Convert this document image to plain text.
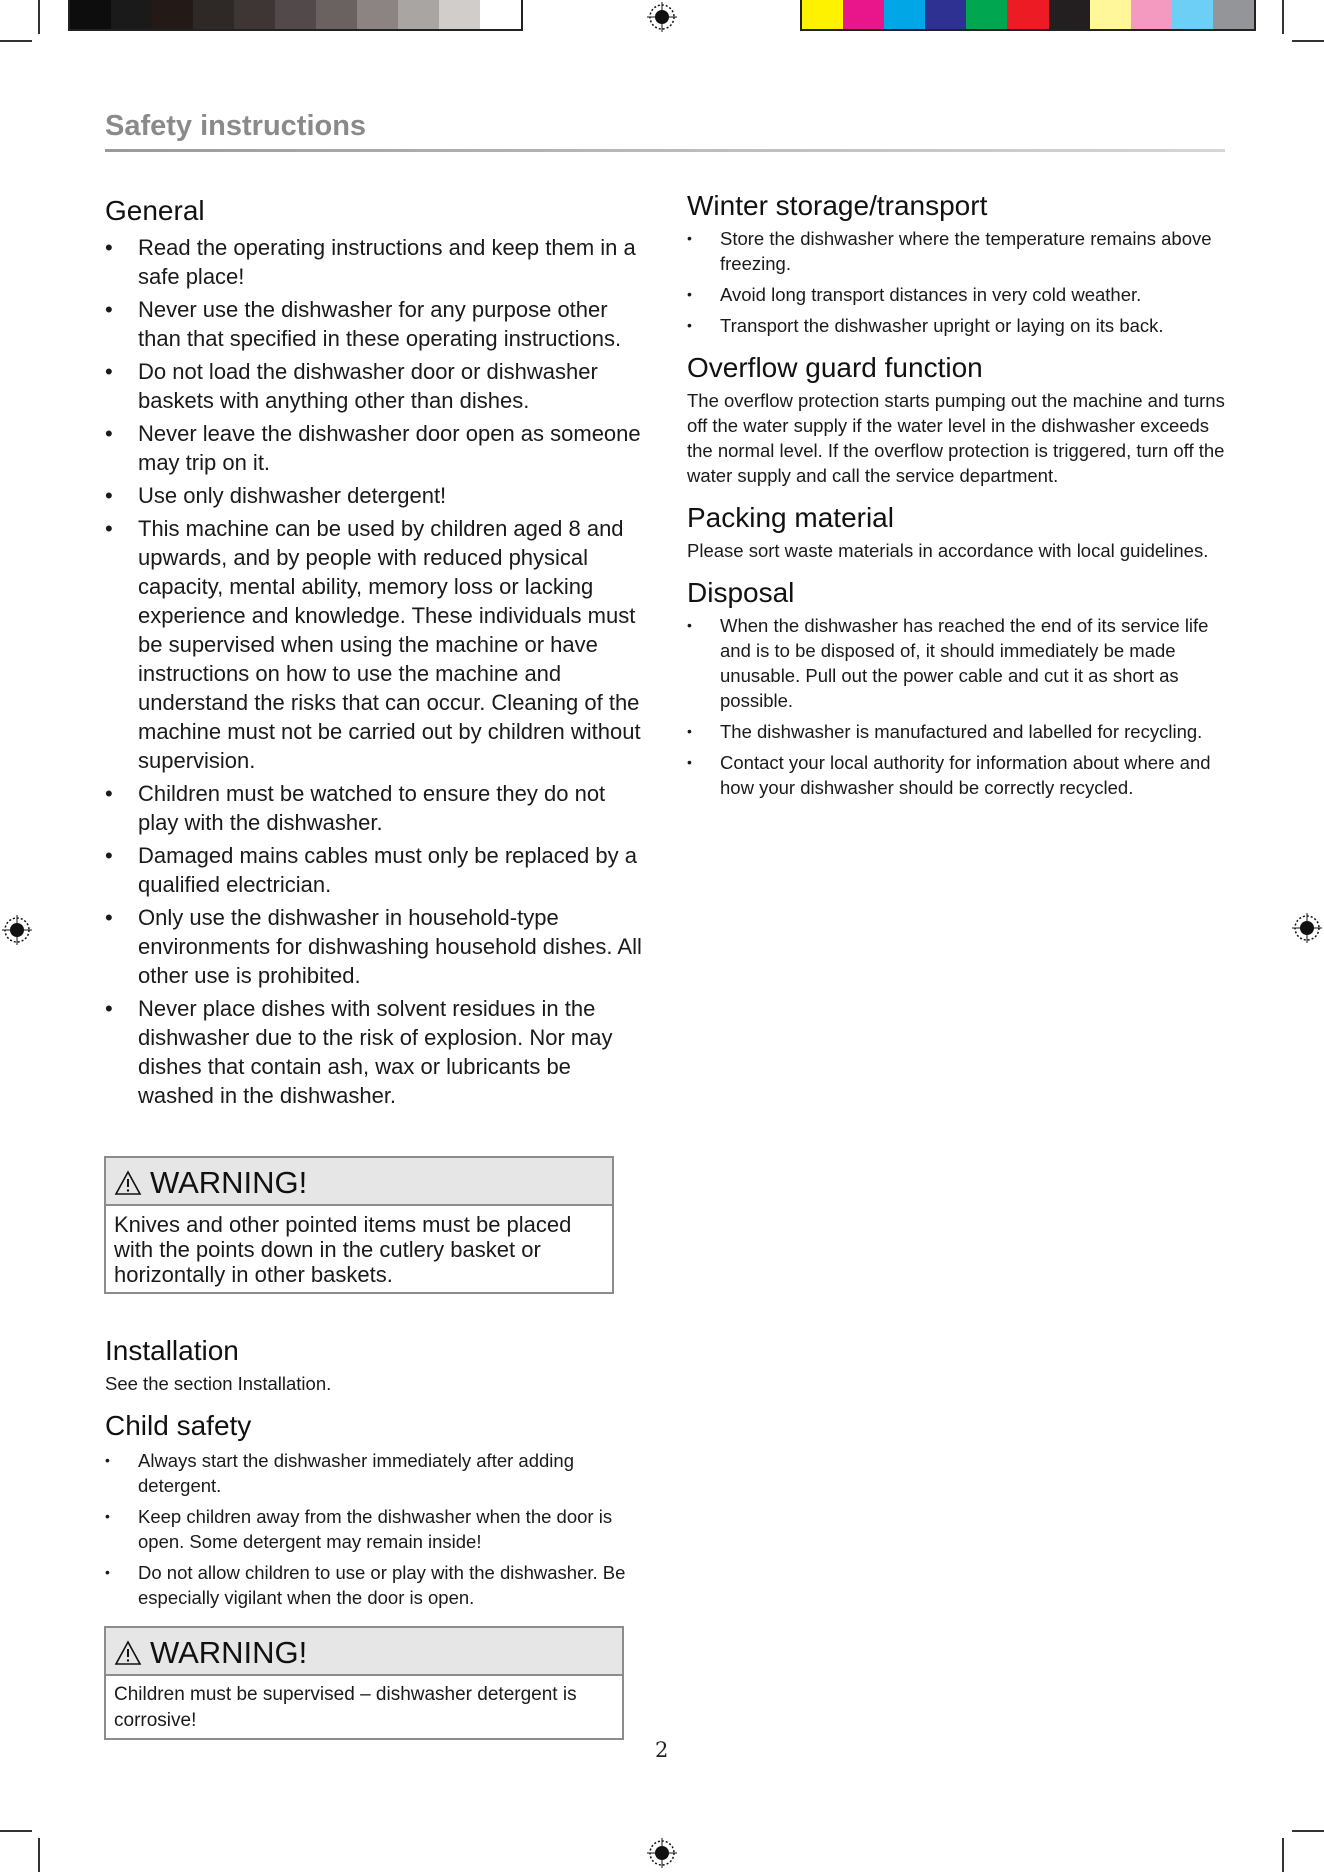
Safety instructions
General
• Read the operating instructions and keep them in a safe place!
• Never use the dishwasher for any purpose other than that specified in these operating instructions.
• Do not load the dishwasher door or dishwasher baskets with anything other than dishes.
• Never leave the dishwasher door open as someone may trip on it.
• Use only dishwasher detergent!
• This machine can be used by children aged 8 and upwards, and by people with reduced physical capacity, mental ability, memory loss or lacking experience and knowledge. These individuals must be supervised when using the machine or have instructions on how to use the machine and understand the risks that can occur. Cleaning of the machine must not be carried out by children without supervision.
• Children must be watched to ensure they do not play with the dishwasher.
• Damaged mains cables must only be replaced by a qualified electrician.
• Only use the dishwasher in household-type environments for dishwashing household dishes. All other use is prohibited.
• Never place dishes with solvent residues in the dishwasher due to the risk of explosion. Nor may dishes that contain ash, wax or lubricants be washed in the dishwasher.
WARNING!
Knives and other pointed items must be placed with the points down in the cutlery basket or horizontally in other baskets.
Installation

See the section Installation.

Child safety
• Always start the dishwasher immediately after adding detergent.
• Keep children away from the dishwasher when the door is open. Some detergent may remain inside!
• Do not allow children to use or play with the dishwasher. Be especially vigilant when the door is open.
WARNING!
Children must be supervised – dishwasher detergent is corrosive!
Winter storage/transport
• Store the dishwasher where the temperature remains above freezing.
• Avoid long transport distances in very cold weather.
• Transport the dishwasher upright or laying on its back.
Overflow guard function

The overflow protection starts pumping out the machine and turns off the water supply if the water level in the dishwasher exceeds the normal level. If the overflow protection is triggered, turn off the water supply and call the service department.

Packing material

Please sort waste materials in accordance with local guidelines.

Disposal
• When the dishwasher has reached the end of its service life and is to be disposed of, it should immediately be made unusable. Pull out the power cable and cut it as short as possible.
• The dishwasher is manufactured and labelled for recycling.
• Contact your local authority for information about where and how your dishwasher should be correctly recycled.
2
